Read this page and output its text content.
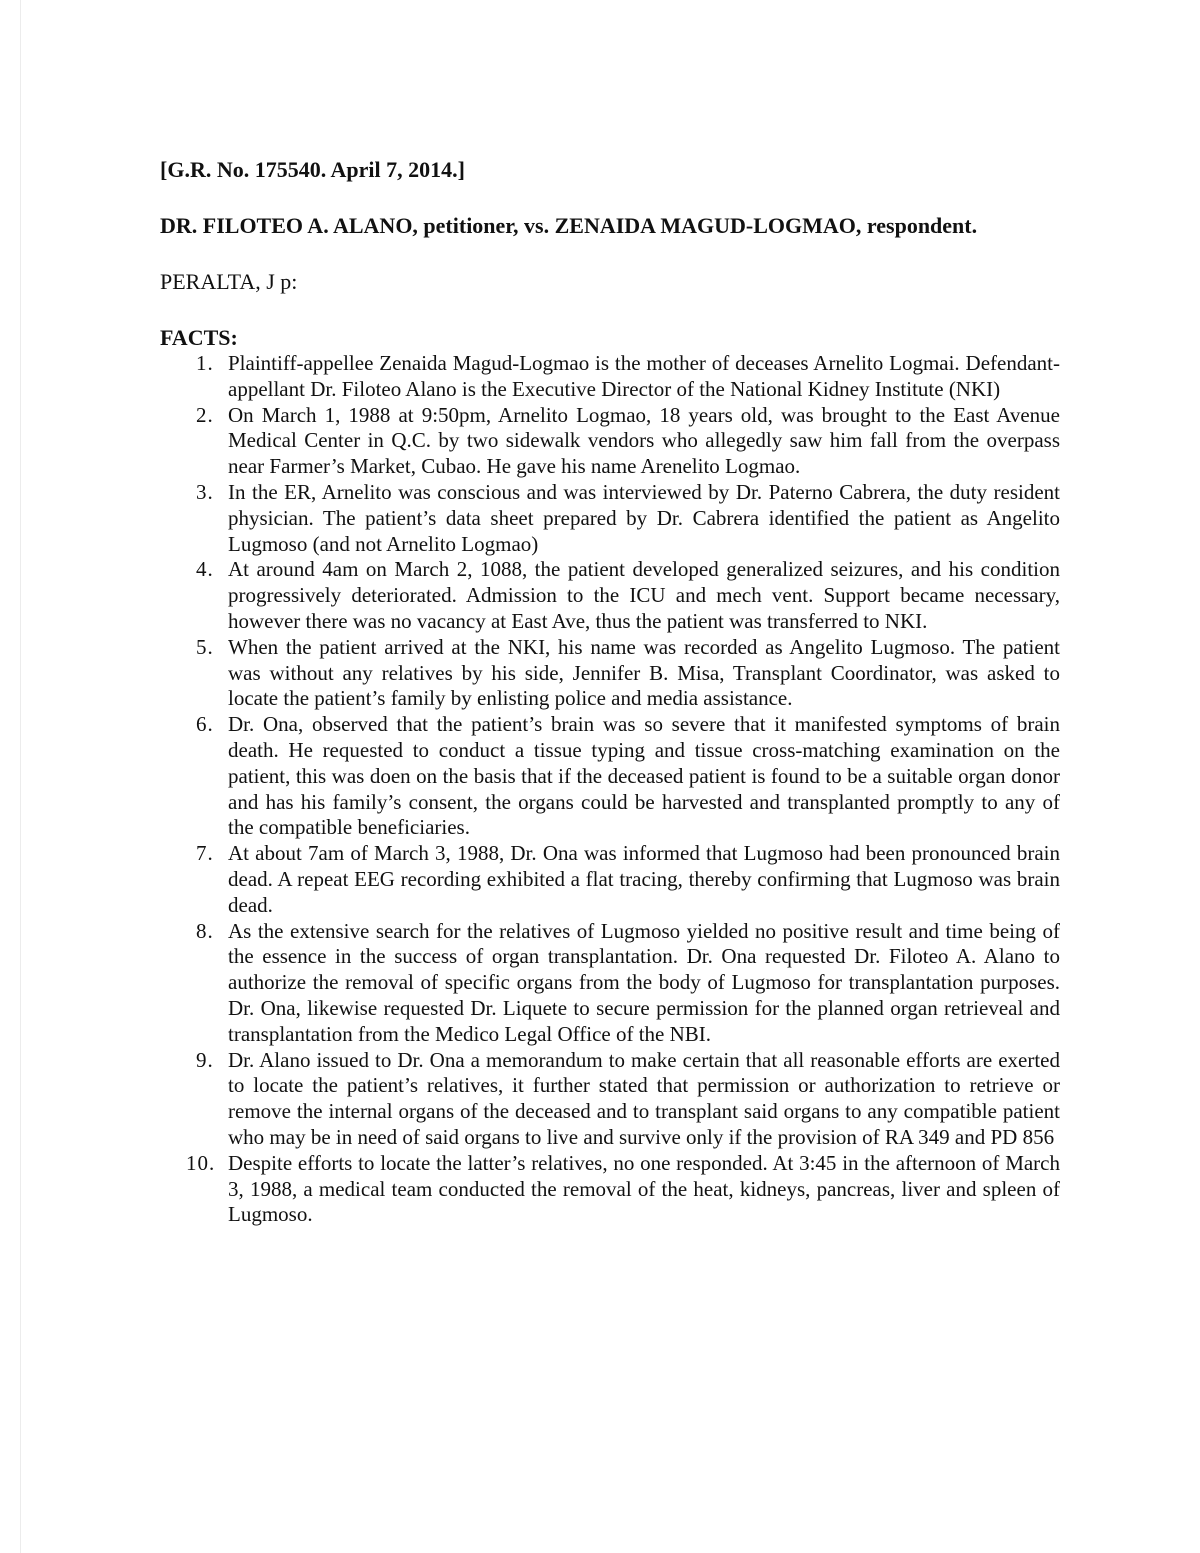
[G.R. No. 175540. April 7, 2014.]

DR. FILOTEO A. ALANO, petitioner, vs. ZENAIDA MAGUD-LOGMAO, respondent.

PERALTA, J p:

FACTS:

1. Plaintiff-appellee Zenaida Magud-Logmao is the mother of deceases Arnelito Logmai. Defendant-appellant Dr. Filoteo Alano is the Executive Director of the National Kidney Institute (NKI)
2. On March 1, 1988 at 9:50pm, Arnelito Logmao, 18 years old, was brought to the East Avenue Medical Center in Q.C. by two sidewalk vendors who allegedly saw him fall from the overpass near Farmer’s Market, Cubao. He gave his name Arenelito Logmao.
3. In the ER, Arnelito was conscious and was interviewed by Dr. Paterno Cabrera, the duty resident physician. The patient’s data sheet prepared by Dr. Cabrera identified the patient as Angelito Lugmoso (and not Arnelito Logmao)
4. At around 4am on March 2, 1088, the patient developed generalized seizures, and his condition progressively deteriorated. Admission to the ICU and mech vent. Support became necessary, however there was no vacancy at East Ave, thus the patient was transferred to NKI.
5. When the patient arrived at the NKI, his name was recorded as Angelito Lugmoso. The patient was without any relatives by his side, Jennifer B. Misa, Transplant Coordinator, was asked to locate the patient’s family by enlisting police and media assistance.
6. Dr. Ona, observed that the patient’s brain was so severe that it manifested symptoms of brain death. He requested to conduct a tissue typing and tissue cross-matching examination on the patient, this was doen on the basis that if the deceased patient is found to be a suitable organ donor and has his family’s consent, the organs could be harvested and transplanted promptly to any of the compatible beneficiaries.
7. At about 7am of March 3, 1988, Dr. Ona was informed that Lugmoso had been pronounced brain dead. A repeat EEG recording exhibited a flat tracing, thereby confirming that Lugmoso was brain dead.
8. As the extensive search for the relatives of Lugmoso yielded no positive result and time being of the essence in the success of organ transplantation. Dr. Ona requested Dr. Filoteo A. Alano to authorize the removal of specific organs from the body of Lugmoso for transplantation purposes. Dr. Ona, likewise requested Dr. Liquete to secure permission for the planned organ retrieveal and transplantation from the Medico Legal Office of the NBI.
9. Dr. Alano issued to Dr. Ona a memorandum to make certain that all reasonable efforts are exerted to locate the patient’s relatives, it further stated that permission or authorization to retrieve or remove the internal organs of the deceased and to transplant said organs to any compatible patient who may be in need of said organs to live and survive only if the provision of RA 349 and PD 856
10. Despite efforts to locate the latter’s relatives, no one responded. At 3:45 in the afternoon of March 3, 1988, a medical team conducted the removal of the heat, kidneys, pancreas, liver and spleen of Lugmoso.
